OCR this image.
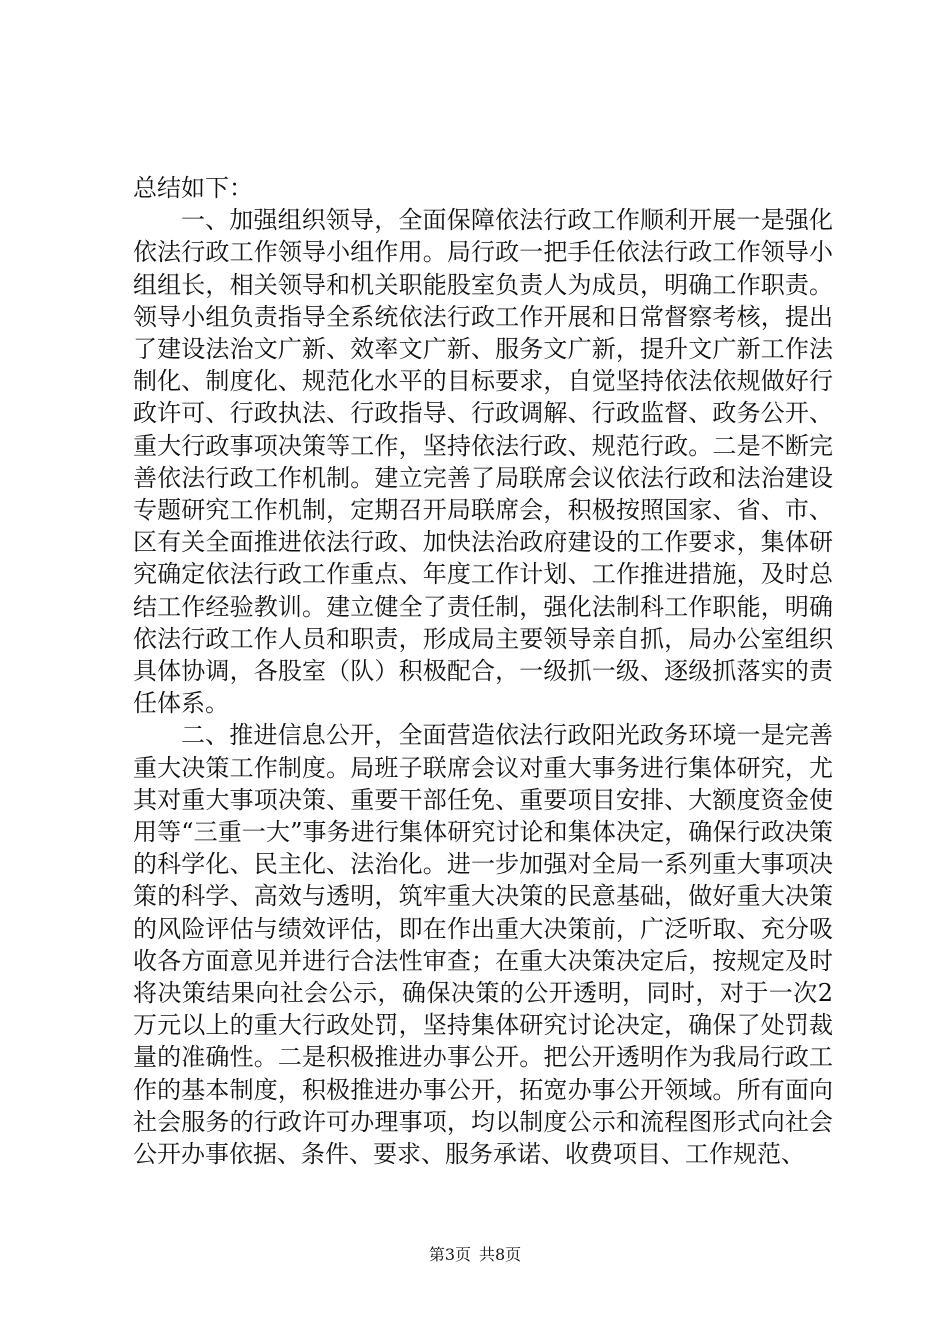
总结如下：

一、加强组织领导，全面保障依法行政工作顺利开展一是强化依法行政工作领导小组作用。局行政一把手任依法行政工作领导小组组长，相关领导和机关职能股室负责人为成员，明确工作职责。领导小组负责指导全系统依法行政工作开展和日常督察考核，提出了建设法治文广新、效率文广新、服务文广新，提升文广新工作法制化、制度化、规范化水平的目标要求，自觉坚持依法依规做好行政许可、行政执法、行政指导、行政调解、行政监督、政务公开、重大行政事项决策等工作，坚持依法行政、规范行政。二是不断完善依法行政工作机制。建立完善了局联席会议依法行政和法治建设专题研究工作机制，定期召开局联席会，积极按照国家、省、市、区有关全面推进依法行政、加快法治政府建设的工作要求，集体研究确定依法行政工作重点、年度工作计划、工作推进措施，及时总结工作经验教训。建立健全了责任制，强化法制科工作职能，明确依法行政工作人员和职责，形成局主要领导亲自抓，局办公室组织具体协调，各股室（队）积极配合，一级抓一级、逐级抓落实的责任体系。

二、推进信息公开，全面营造依法行政阳光政务环境一是完善重大决策工作制度。局班子联席会议对重大事务进行集体研究，尤其对重大事项决策、重要干部任免、重要项目安排、大额度资金使用等“三重一大”事务进行集体研究讨论和集体决定，确保行政决策的科学化、民主化、法治化。进一步加强对全局一系列重大事项决策的科学、高效与透明，筑牢重大决策的民意基础，做好重大决策的风险评估与绩效评估，即在作出重大决策前，广泛听取、充分吸收各方面意见并进行合法性审查；在重大决策决定后，按规定及时将决策结果向社会公示，确保决策的公开透明，同时，对于一次2万元以上的重大行政处罚，坚持集体研究讨论决定，确保了处罚裁量的准确性。二是积极推进办事公开。把公开透明作为我局行政工作的基本制度，积极推进办事公开，拓宽办事公开领域。所有面向社会服务的行政许可办理事项，均以制度公示和流程图形式向社会公开办事依据、条件、要求、服务承诺、收费项目、工作规范、

第3页 共8页
